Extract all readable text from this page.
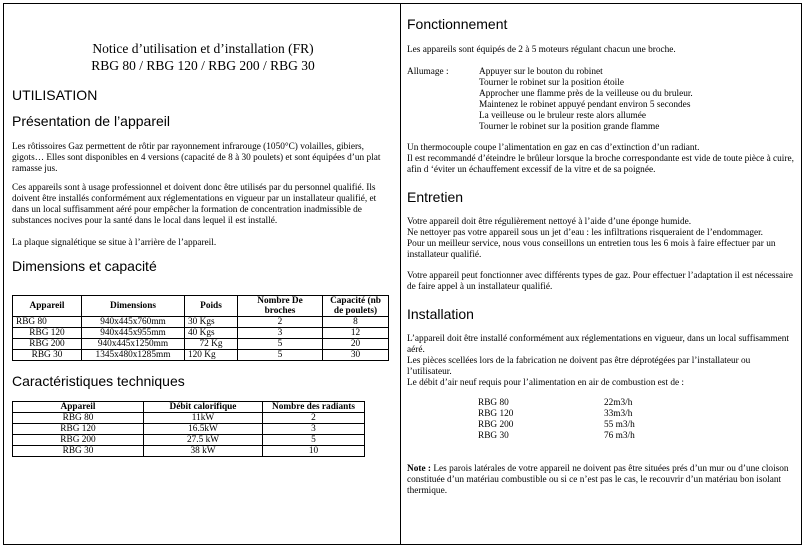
Notice d’utilisation et d’installation (FR)
RBG 80 / RBG 120 / RBG 200 / RBG 30
UTILISATION
Présentation de l’appareil

Les rôtissoires Gaz permettent de rôtir par rayonnement infrarouge (1050°C) volailles, gibiers, gigots… Elles sont disponibles en 4 versions (capacité de 8 à 30 poulets) et sont équipées d’un plat ramasse jus.

Ces appareils sont à usage professionnel et doivent donc être utilisés par du personnel qualifié. Ils doivent être installés conformément aux réglementations en vigueur par un installateur qualifié, et dans un local suffisamment aéré pour empêcher la formation de concentration inadmissible de substances nocives pour la santé dans le local dans lequel il est installé.

La plaque signalétique se situe à l’arrière de l’appareil.

Dimensions et capacité
Appareil	Dimensions	Poids	Nombre De broches	Capacité (nb de poulets)
RBG 80	940x445x760mm	30 Kgs	2	8
RBG 120	940x445x955mm	40 Kgs	3	12
RBG 200	940x445x1250mm	72 Kg	5	20
RBG 30	1345x480x1285mm	120 Kg	5	30
Caractéristiques techniques
Appareil	Débit calorifique	Nombre des radiants
RBG 80	11kW	2
RBG 120	16.5kW	3
RBG 200	27.5 kW	5
RBG 30	38 kW	10
Fonctionnement

Les appareils sont équipés de 2 à 5 moteurs régulant chacun une broche.

Allumage :	Appuyer sur le bouton du robinet
Tourner le robinet sur la position étoile
Approcher une flamme près de la veilleuse ou du bruleur.
Maintenez le robinet appuyé pendant environ 5 secondes
La veilleuse ou le bruleur reste alors allumée
Tourner le robinet sur la position grande flamme

Un thermocouple coupe l’alimentation en gaz en cas d’extinction d’un radiant.

Il est recommandé d’éteindre le brûleur lorsque la broche correspondante est vide de toute pièce à cuire, afin d ‘éviter un échauffement excessif de la vitre et de sa poignée.

Entretien

Votre appareil doit être régulièrement nettoyé à l’aide d’une éponge humide.

Ne nettoyer pas votre appareil sous un jet d’eau : les infiltrations risqueraient de l’endommager.

Pour un meilleur service, nous vous conseillons un entretien tous les 6 mois à faire effectuer par un installateur qualifié.

Votre appareil peut fonctionner avec différents types de gaz. Pour effectuer l’adaptation il est nécessaire de faire appel à un installateur qualifié.

Installation

L’appareil doit être installé conformément aux réglementations en vigueur, dans un local suffisamment aéré.

Les pièces scellées lors de la fabrication ne doivent pas être déprotégées par l’installateur ou l’utilisateur.

Le débit d’air neuf requis pour l’alimentation en air de combustion est de :

RBG 80	22m3/h
RBG 120	33m3/h
RBG 200	55 m3/h
RBG 30	76 m3/h

Note : Les parois latérales de votre appareil ne doivent pas être situées prés d’un mur ou d’une cloison constituée d’un matériau combustible ou si ce n’est pas le cas, le recouvrir d’un matériau bon isolant thermique.
